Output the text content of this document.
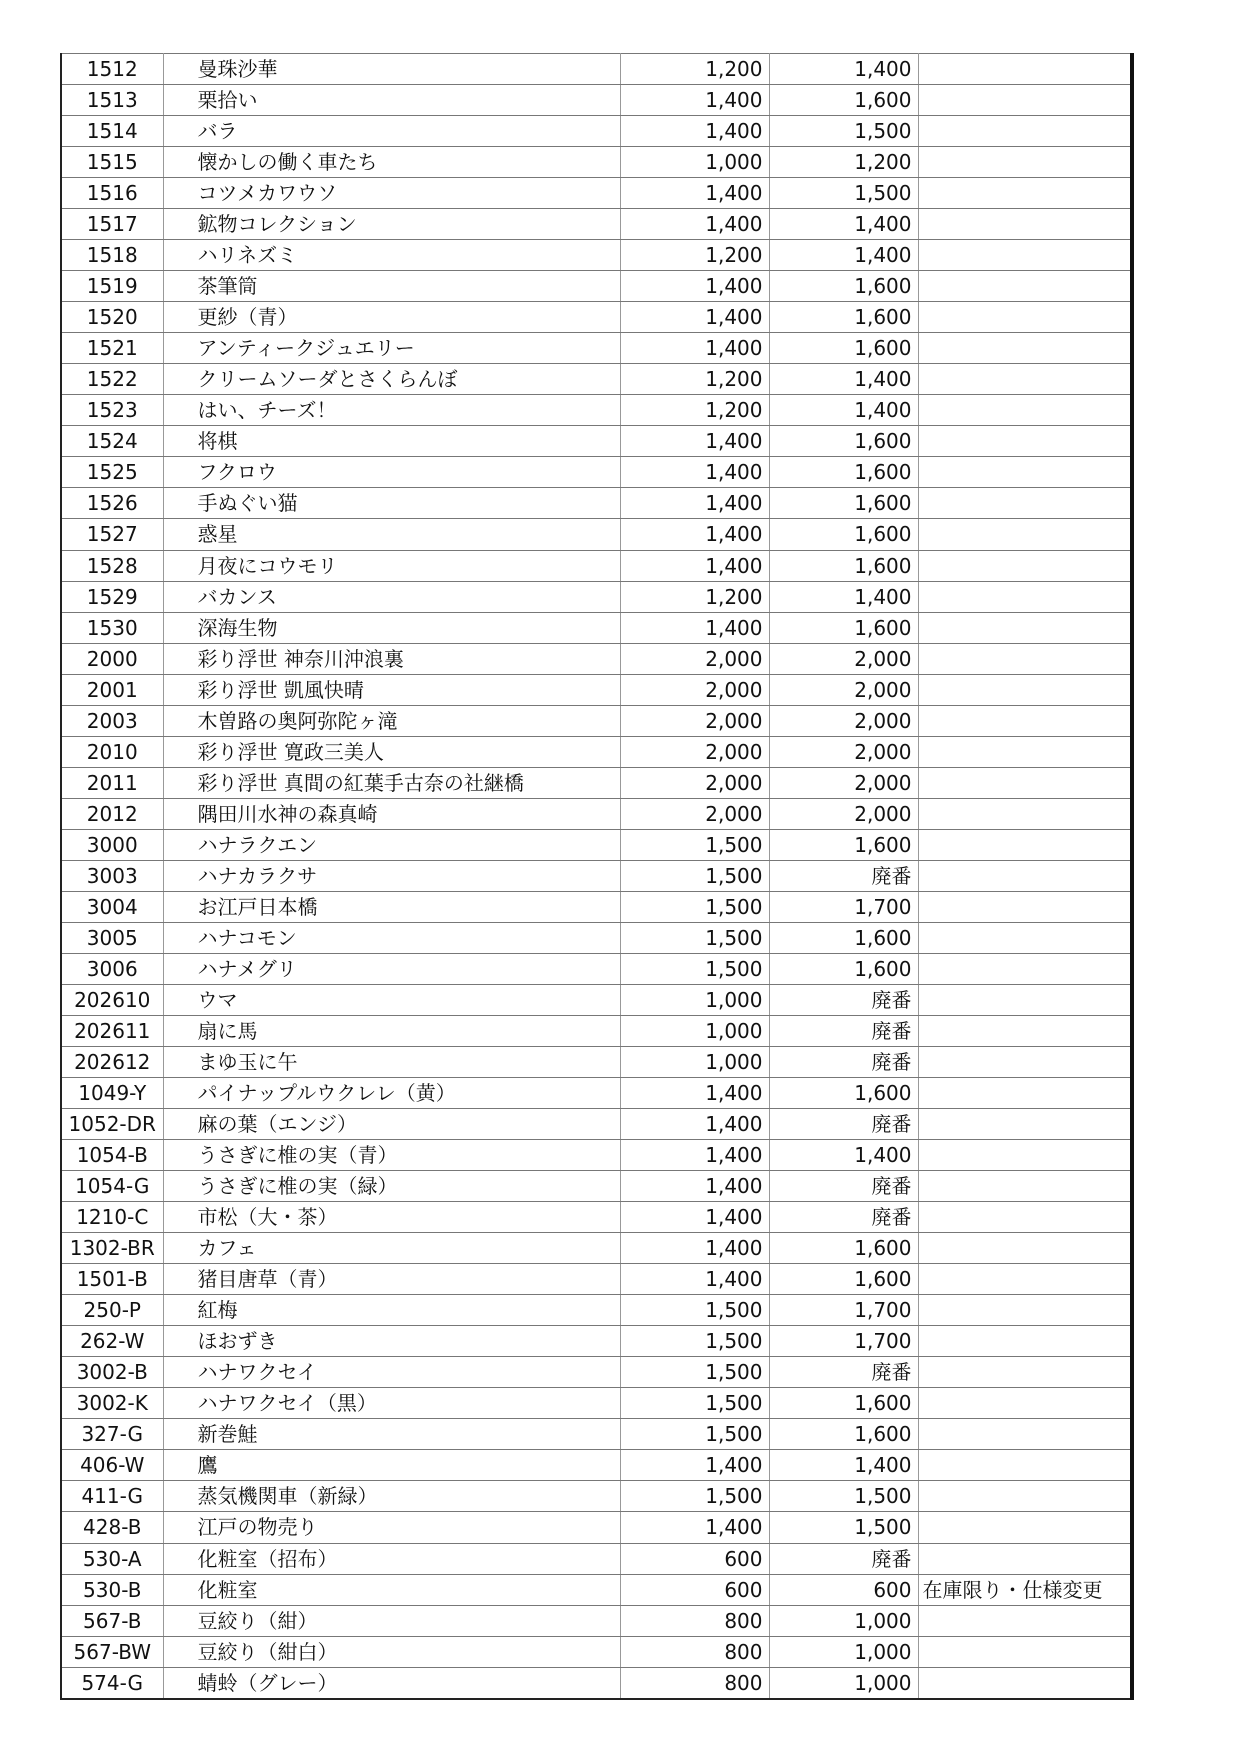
1512	曼珠沙華	1,200	1,400	
1513	栗拾い	1,400	1,600	
1514	バラ	1,400	1,500	
1515	懐かしの働く車たち	1,000	1,200	
1516	コツメカワウソ	1,400	1,500	
1517	鉱物コレクション	1,400	1,400	
1518	ハリネズミ	1,200	1,400	
1519	茶筆筒	1,400	1,600	
1520	更紗（青）	1,400	1,600	
1521	アンティークジュエリー	1,400	1,600	
1522	クリームソーダとさくらんぼ	1,200	1,400	
1523	はい、チーズ！	1,200	1,400	
1524	将棋	1,400	1,600	
1525	フクロウ	1,400	1,600	
1526	手ぬぐい猫	1,400	1,600	
1527	惑星	1,400	1,600	
1528	月夜にコウモリ	1,400	1,600	
1529	バカンス	1,200	1,400	
1530	深海生物	1,400	1,600	
2000	彩り浮世 神奈川沖浪裏	2,000	2,000	
2001	彩り浮世 凱風快晴	2,000	2,000	
2003	木曽路の奥阿弥陀ヶ滝	2,000	2,000	
2010	彩り浮世 寛政三美人	2,000	2,000	
2011	彩り浮世 真間の紅葉手古奈の社継橋	2,000	2,000	
2012	隅田川水神の森真崎	2,000	2,000	
3000	ハナラクエン	1,500	1,600	
3003	ハナカラクサ	1,500	廃番	
3004	お江戸日本橋	1,500	1,700	
3005	ハナコモン	1,500	1,600	
3006	ハナメグリ	1,500	1,600	
202610	ウマ	1,000	廃番	
202611	扇に馬	1,000	廃番	
202612	まゆ玉に午	1,000	廃番	
1049-Y	パイナップルウクレレ（黄）	1,400	1,600	
1052-DR	麻の葉（エンジ）	1,400	廃番	
1054-B	うさぎに椎の実（青）	1,400	1,400	
1054-G	うさぎに椎の実（緑）	1,400	廃番	
1210-C	市松（大・茶）	1,400	廃番	
1302-BR	カフェ	1,400	1,600	
1501-B	猪目唐草（青）	1,400	1,600	
250-P	紅梅	1,500	1,700	
262-W	ほおずき	1,500	1,700	
3002-B	ハナワクセイ	1,500	廃番	
3002-K	ハナワクセイ（黒）	1,500	1,600	
327-G	新巻鮭	1,500	1,600	
406-W	鷹	1,400	1,400	
411-G	蒸気機関車（新緑）	1,500	1,500	
428-B	江戸の物売り	1,400	1,500	
530-A	化粧室（招布）	600	廃番	
530-B	化粧室	600	600	在庫限り・仕様変更
567-B	豆絞り（紺）	800	1,000	
567-BW	豆絞り（紺白）	800	1,000	
574-G	蜻蛉（グレー）	800	1,000	
